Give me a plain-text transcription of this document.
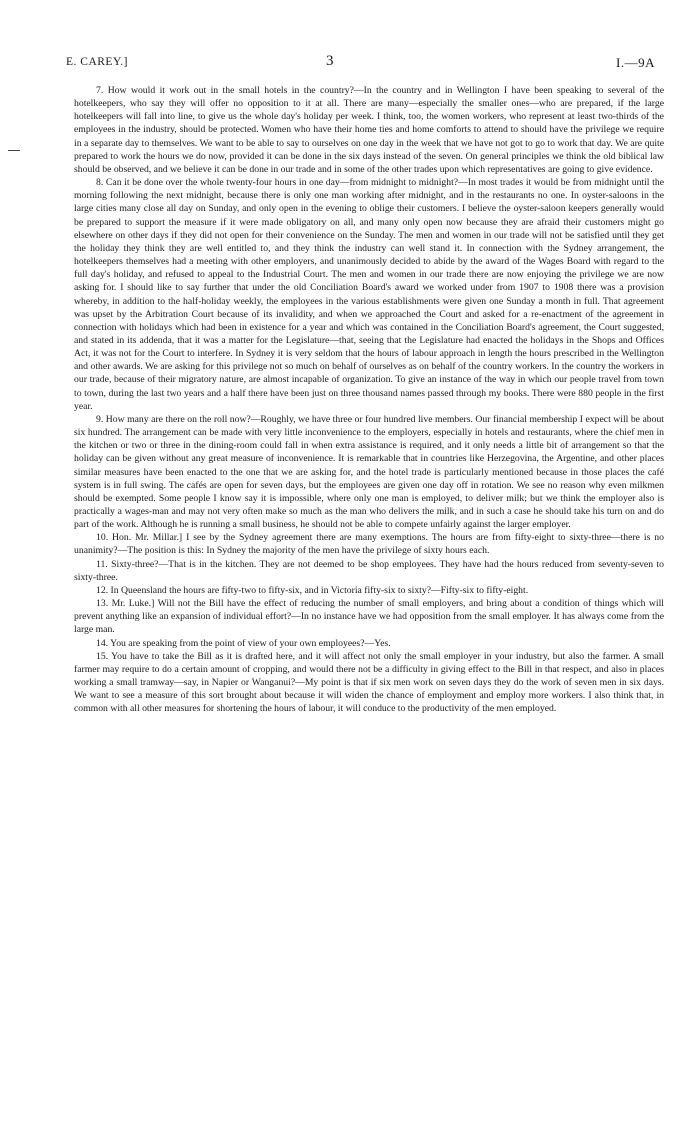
E. CAREY.]	3	I.—9A

7. How would it work out in the small hotels in the country?—In the country and in Wellington I have been speaking to several of the hotelkeepers, who say they will offer no opposition to it at all. There are many—especially the smaller ones—who are prepared, if the large hotelkeepers will fall into line, to give us the whole day's holiday per week. I think, too, the women workers, who represent at least two-thirds of the employees in the industry, should be protected. Women who have their home ties and home comforts to attend to should have the privilege we require in a separate day to themselves. We want to be able to say to ourselves on one day in the week that we have not got to go to work that day. We are quite prepared to work the hours we do now, provided it can be done in the six days instead of the seven. On general principles we think the old biblical law should be observed, and we believe it can be done in our trade and in some of the other trades upon which representatives are going to give evidence.

8. Can it be done over the whole twenty-four hours in one day—from midnight to midnight?—In most trades it would be from midnight until the morning following the next midnight, because there is only one man working after midnight, and in the restaurants no one. In oyster-saloons in the large cities many close all day on Sunday, and only open in the evening to oblige their customers. I believe the oyster-saloon keepers generally would be prepared to support the measure if it were made obligatory on all, and many only open now because they are afraid their customers might go elsewhere on other days if they did not open for their convenience on the Sunday. The men and women in our trade will not be satisfied until they get the holiday they think they are well entitled to, and they think the industry can well stand it. In connection with the Sydney arrangement, the hotelkeepers themselves had a meeting with other employers, and unanimously decided to abide by the award of the Wages Board with regard to the full day's holiday, and refused to appeal to the Industrial Court. The men and women in our trade there are now enjoying the privilege we are now asking for. I should like to say further that under the old Conciliation Board's award we worked under from 1907 to 1908 there was a provision whereby, in addition to the half-holiday weekly, the employees in the various establishments were given one Sunday a month in full. That agreement was upset by the Arbitration Court because of its invalidity, and when we approached the Court and asked for a re-enactment of the agreement in connection with holidays which had been in existence for a year and which was contained in the Conciliation Board's agreement, the Court suggested, and stated in its addenda, that it was a matter for the Legislature—that, seeing that the Legislature had enacted the holidays in the Shops and Offices Act, it was not for the Court to interfere. In Sydney it is very seldom that the hours of labour approach in length the hours prescribed in the Wellington and other awards. We are asking for this privilege not so much on behalf of ourselves as on behalf of the country workers. In the country the workers in our trade, because of their migratory nature, are almost incapable of organization. To give an instance of the way in which our people travel from town to town, during the last two years and a half there have been just on three thousand names passed through my books. There were 880 people in the first year.

9. How many are there on the roll now?—Roughly, we have three or four hundred live members. Our financial membership I expect will be about six hundred. The arrangement can be made with very little inconvenience to the employers, especially in hotels and restaurants, where the chief men in the kitchen or two or three in the dining-room could fall in when extra assistance is required, and it only needs a little bit of arrangement so that the holiday can be given without any great measure of inconvenience. It is remarkable that in countries like Herzegovina, the Argentine, and other places similar measures have been enacted to the one that we are asking for, and the hotel trade is particularly mentioned because in those places the café system is in full swing. The cafés are open for seven days, but the employees are given one day off in rotation. We see no reason why even milkmen should be exempted. Some people I know say it is impossible, where only one man is employed, to deliver milk; but we think the employer also is practically a wages-man and may not very often make so much as the man who delivers the milk, and in such a case he should take his turn on and do part of the work. Although he is running a small business, he should not be able to compete unfairly against the larger employer.

10. Hon. Mr. Millar.] I see by the Sydney agreement there are many exemptions. The hours are from fifty-eight to sixty-three—there is no unanimity?—The position is this: In Sydney the majority of the men have the privilege of sixty hours each.

11. Sixty-three?—That is in the kitchen. They are not deemed to be shop employees. They have had the hours reduced from seventy-seven to sixty-three.

12. In Queensland the hours are fifty-two to fifty-six, and in Victoria fifty-six to sixty?—Fifty-six to fifty-eight.

13. Mr. Luke.] Will not the Bill have the effect of reducing the number of small employers, and bring about a condition of things which will prevent anything like an expansion of individual effort?—In no instance have we had opposition from the small employer. It has always come from the large man.

14. You are speaking from the point of view of your own employees?—Yes.

15. You have to take the Bill as it is drafted here, and it will affect not only the small employer in your industry, but also the farmer. A small farmer may require to do a certain amount of cropping, and would there not be a difficulty in giving effect to the Bill in that respect, and also in places working a small tramway—say, in Napier or Wanganui?—My point is that if six men work on seven days they do the work of seven men in six days. We want to see a measure of this sort brought about because it will widen the chance of employment and employ more workers. I also think that, in common with all other measures for shortening the hours of labour, it will conduce to the productivity of the men employed.
